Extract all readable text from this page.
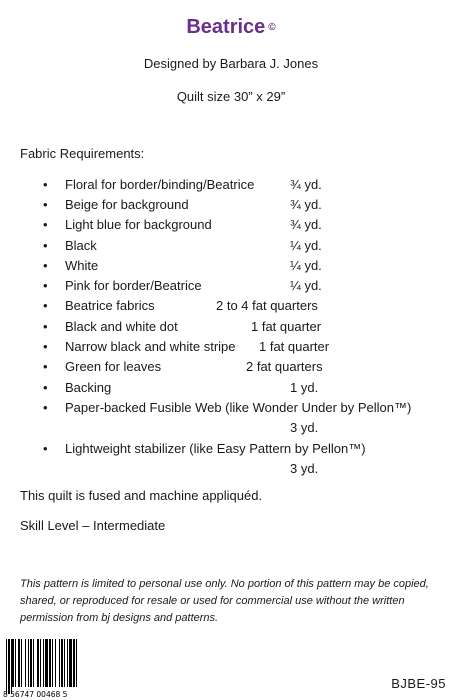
Beatrice ©
Designed by Barbara J. Jones
Quilt size 30” x 29”
Fabric Requirements:
• Floral for border/binding/Beatrice	¾ yd.
• Beige for background	¾ yd.
• Light blue for background	¾ yd.
• Black	¼ yd.
• White	¼ yd.
• Pink for border/Beatrice	¼ yd.
• Beatrice fabrics	2 to 4 fat quarters
• Black and white dot	1 fat quarter
• Narrow black and white stripe 1 fat quarter
• Green for leaves	2 fat quarters
• Backing	1 yd.
• Paper-backed Fusible Web (like Wonder Under by Pellon™)
3 yd.
• Lightweight stabilizer (like Easy Pattern by Pellon™)
3 yd.
This quilt is fused and machine appliquéd.
Skill Level – Intermediate
This pattern is limited to personal use only. No portion of this pattern may be copied, shared, or reproduced for resale or used for commercial use without the written permission from bj designs and patterns.
8 56747 00468 5
BJBE-95
